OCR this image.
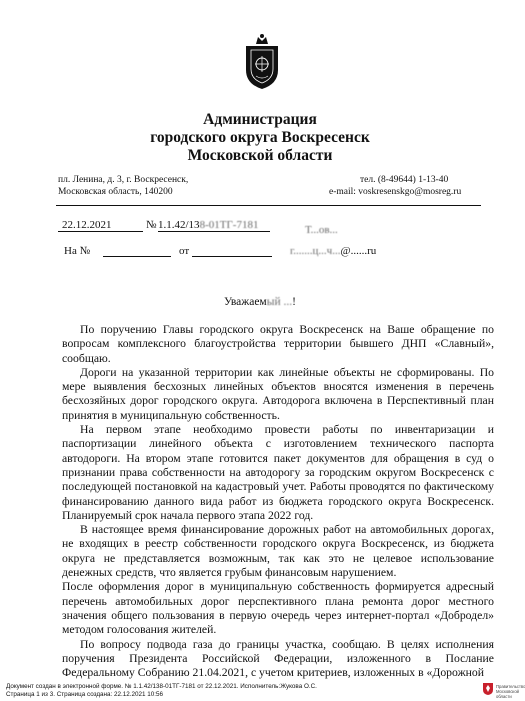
Администрация
городского округа Воскресенск
Московской области
пл. Ленина, д. 3, г. Воскресенск,
Московская область, 140200
тел. (8-49644) 1-13-40
e-mail: voskresenskgo@mosreg.ru
22.12.2021	1.1.42/138-01ТГ-7181
№
На №	от
Т...ов...
г.......ц...ч...@......ru
Уважаемый ...!

По поручению Главы городского округа Воскресенск на Ваше обращение по вопросам комплексного благоустройства территории бывшего ДНП «Славный», сообщаю.

Дороги на указанной территории как линейные объекты не сформированы. По мере выявления бесхозных линейных объектов вносятся изменения в перечень бесхозяйных дорог городского округа. Автодорога включена в Перспективный план принятия в муниципальную собственность.

На первом этапе необходимо провести работы по инвентаризации и паспортизации линейного объекта с изготовлением технического паспорта автодороги. На втором этапе готовится пакет документов для обращения в суд о признании права собственности на автодорогу за городским округом Воскресенск с последующей постановкой на кадастровый учет. Работы проводятся по фактическому финансированию данного вида работ из бюджета городского округа Воскресенск. Планируемый срок начала первого этапа 2022 год.

В настоящее время финансирование дорожных работ на автомобильных дорогах, не входящих в реестр собственности городского округа Воскресенск, из бюджета округа не представляется возможным, так как это не целевое использование денежных средств, что является грубым финансовым нарушением.

После оформления дорог в муниципальную собственность формируется адресный перечень автомобильных дорог перспективного плана ремонта дорог местного значения общего пользования в первую очередь через интернет-портал «Добродел» методом голосования жителей.

По вопросу подвода газа до границы участка, сообщаю. В целях исполнения поручения Президента Российской Федерации, изложенного в Послание Федеральному Собранию 21.04.2021, с учетом критериев, изложенных в «Дорожной

Документ создан в электронной форме. № 1.1.42/138-01ТГ-7181 от 22.12.2021. Исполнитель:Жукова О.С.
Страница 1 из 3. Страница создана: 22.12.2021 10:56
Правительство
Московской области
